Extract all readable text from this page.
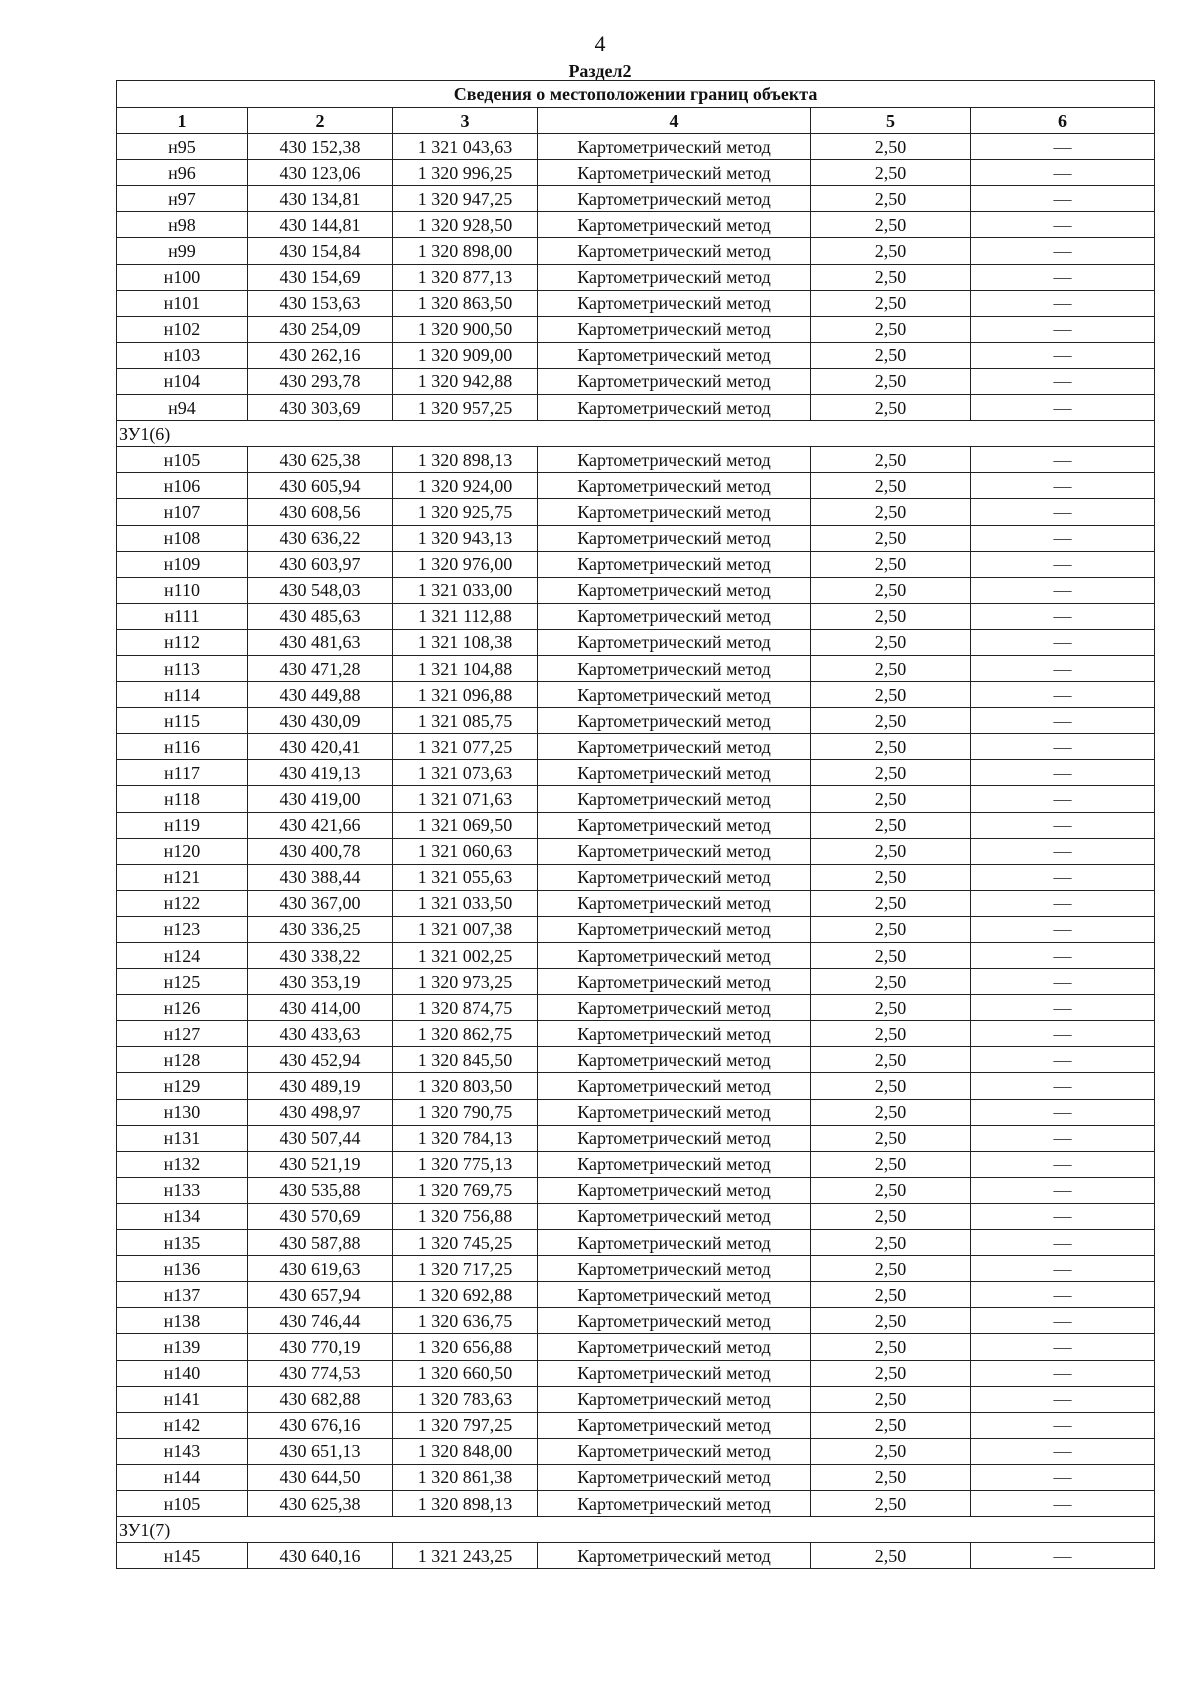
4
Раздел2
Сведения о местоположении границ объекта					
1	2	3	4	5	6
н95	430 152,38	1 321 043,63	Картометрический метод	2,50	—
н96	430 123,06	1 320 996,25	Картометрический метод	2,50	—
н97	430 134,81	1 320 947,25	Картометрический метод	2,50	—
н98	430 144,81	1 320 928,50	Картометрический метод	2,50	—
н99	430 154,84	1 320 898,00	Картометрический метод	2,50	—
н100	430 154,69	1 320 877,13	Картометрический метод	2,50	—
н101	430 153,63	1 320 863,50	Картометрический метод	2,50	—
н102	430 254,09	1 320 900,50	Картометрический метод	2,50	—
н103	430 262,16	1 320 909,00	Картометрический метод	2,50	—
н104	430 293,78	1 320 942,88	Картометрический метод	2,50	—
н94	430 303,69	1 320 957,25	Картометрический метод	2,50	—
ЗУ1(6)					
н105	430 625,38	1 320 898,13	Картометрический метод	2,50	—
н106	430 605,94	1 320 924,00	Картометрический метод	2,50	—
н107	430 608,56	1 320 925,75	Картометрический метод	2,50	—
н108	430 636,22	1 320 943,13	Картометрический метод	2,50	—
н109	430 603,97	1 320 976,00	Картометрический метод	2,50	—
н110	430 548,03	1 321 033,00	Картометрический метод	2,50	—
н111	430 485,63	1 321 112,88	Картометрический метод	2,50	—
н112	430 481,63	1 321 108,38	Картометрический метод	2,50	—
н113	430 471,28	1 321 104,88	Картометрический метод	2,50	—
н114	430 449,88	1 321 096,88	Картометрический метод	2,50	—
н115	430 430,09	1 321 085,75	Картометрический метод	2,50	—
н116	430 420,41	1 321 077,25	Картометрический метод	2,50	—
н117	430 419,13	1 321 073,63	Картометрический метод	2,50	—
н118	430 419,00	1 321 071,63	Картометрический метод	2,50	—
н119	430 421,66	1 321 069,50	Картометрический метод	2,50	—
н120	430 400,78	1 321 060,63	Картометрический метод	2,50	—
н121	430 388,44	1 321 055,63	Картометрический метод	2,50	—
н122	430 367,00	1 321 033,50	Картометрический метод	2,50	—
н123	430 336,25	1 321 007,38	Картометрический метод	2,50	—
н124	430 338,22	1 321 002,25	Картометрический метод	2,50	—
н125	430 353,19	1 320 973,25	Картометрический метод	2,50	—
н126	430 414,00	1 320 874,75	Картометрический метод	2,50	—
н127	430 433,63	1 320 862,75	Картометрический метод	2,50	—
н128	430 452,94	1 320 845,50	Картометрический метод	2,50	—
н129	430 489,19	1 320 803,50	Картометрический метод	2,50	—
н130	430 498,97	1 320 790,75	Картометрический метод	2,50	—
н131	430 507,44	1 320 784,13	Картометрический метод	2,50	—
н132	430 521,19	1 320 775,13	Картометрический метод	2,50	—
н133	430 535,88	1 320 769,75	Картометрический метод	2,50	—
н134	430 570,69	1 320 756,88	Картометрический метод	2,50	—
н135	430 587,88	1 320 745,25	Картометрический метод	2,50	—
н136	430 619,63	1 320 717,25	Картометрический метод	2,50	—
н137	430 657,94	1 320 692,88	Картометрический метод	2,50	—
н138	430 746,44	1 320 636,75	Картометрический метод	2,50	—
н139	430 770,19	1 320 656,88	Картометрический метод	2,50	—
н140	430 774,53	1 320 660,50	Картометрический метод	2,50	—
н141	430 682,88	1 320 783,63	Картометрический метод	2,50	—
н142	430 676,16	1 320 797,25	Картометрический метод	2,50	—
н143	430 651,13	1 320 848,00	Картометрический метод	2,50	—
н144	430 644,50	1 320 861,38	Картометрический метод	2,50	—
н105	430 625,38	1 320 898,13	Картометрический метод	2,50	—
ЗУ1(7)					
н145	430 640,16	1 321 243,25	Картометрический метод	2,50	—
